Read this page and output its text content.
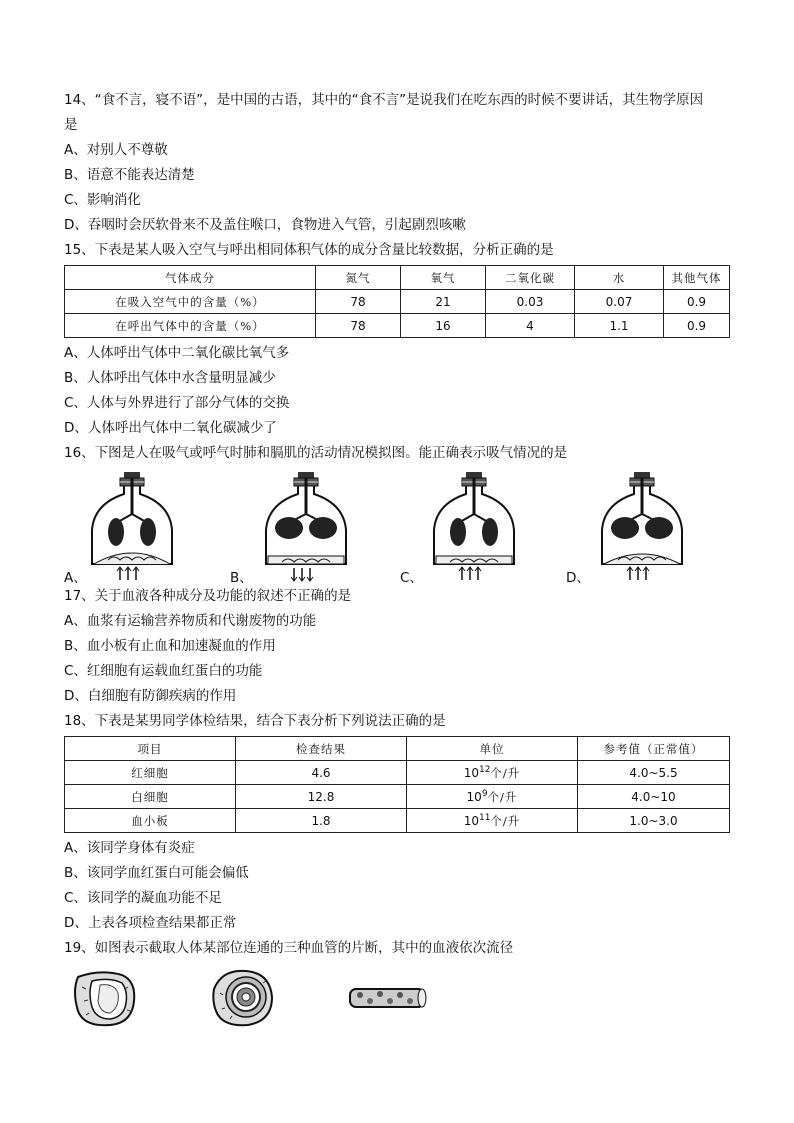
14、“食不言，寝不语”，是中国的古语，其中的“食不言”是说我们在吃东西的时候不要讲话，其生物学原因
是
A、对别人不尊敬
B、语意不能表达清楚
C、影响消化
D、吞咽时会厌软骨来不及盖住喉口，食物进入气管，引起剧烈咳嗽
15、下表是某人吸入空气与呼出相同体积气体的成分含量比较数据，分析正确的是
气体成分	氮气	氧气	二氧化碳	水	其他气体
在吸入空气中的含量（%）	78	21	0.03	0.07	0.9
在呼出气体中的含量（%）	78	16	4	1.1	0.9
A、人体呼出气体中二氧化碳比氧气多
B、人体呼出气体中水含量明显减少
C、人体与外界进行了部分气体的交换
D、人体呼出气体中二氧化碳减少了
16、下图是人在吸气或呼气时肺和膈肌的活动情况模拟图。能正确表示吸气情况的是
A、	B、	C、	D、
17、关于血液各种成分及功能的叙述不正确的是
A、血浆有运输营养物质和代谢废物的功能
B、血小板有止血和加速凝血的作用
C、红细胞有运载血红蛋白的功能
D、白细胞有防御疾病的作用
18、下表是某男同学体检结果，结合下表分析下列说法正确的是
项目	检查结果	单位	参考值（正常值）
红细胞	4.6	$10^{12}$个/升	4.0~5.5
白细胞	12.8	$10^9$个/升	4.0~10
血小板	1.8	$10^{11}$个/升	1.0~3.0
A、该同学身体有炎症
B、该同学血红蛋白可能会偏低
C、该同学的凝血功能不足
D、上表各项检查结果都正常
19、如图表示截取人体某部位连通的三种血管的片断，其中的血液依次流径
